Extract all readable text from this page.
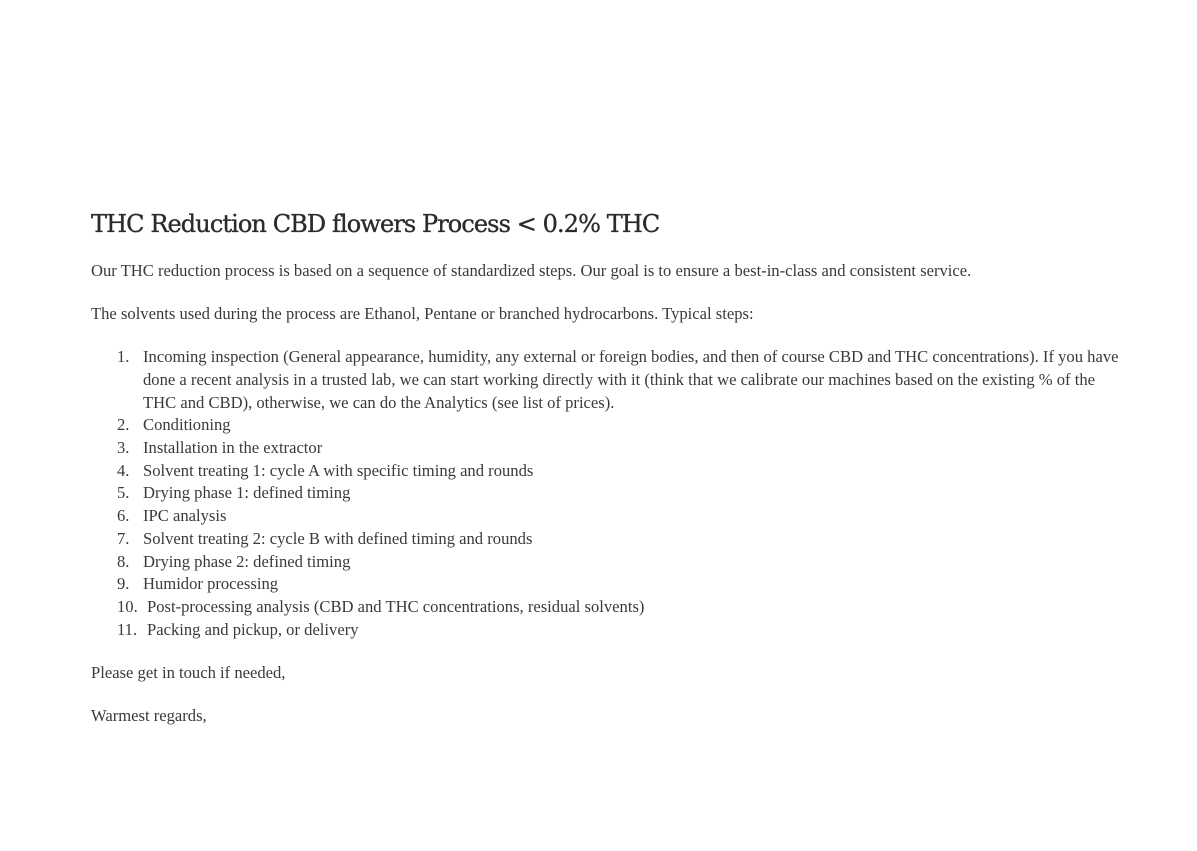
THC Reduction CBD flowers Process < 0.2% THC

Our THC reduction process is based on a sequence of standardized steps. Our goal is to ensure a best-in-class and consistent service.

The solvents used during the process are Ethanol, Pentane or branched hydrocarbons. Typical steps:

1. Incoming inspection (General appearance, humidity, any external or foreign bodies, and then of course CBD and THC concentrations). If you have done a recent analysis in a trusted lab, we can start working directly with it (think that we calibrate our machines based on the existing % of the THC and CBD), otherwise, we can do the Analytics (see list of prices).
2. Conditioning
3. Installation in the extractor
4. Solvent treating 1: cycle A with specific timing and rounds
5. Drying phase 1: defined timing
6. IPC analysis
7. Solvent treating 2: cycle B with defined timing and rounds
8. Drying phase 2: defined timing
9. Humidor processing
10. Post-processing analysis (CBD and THC concentrations, residual solvents)
11. Packing and pickup, or delivery

Please get in touch if needed,

Warmest regards,
